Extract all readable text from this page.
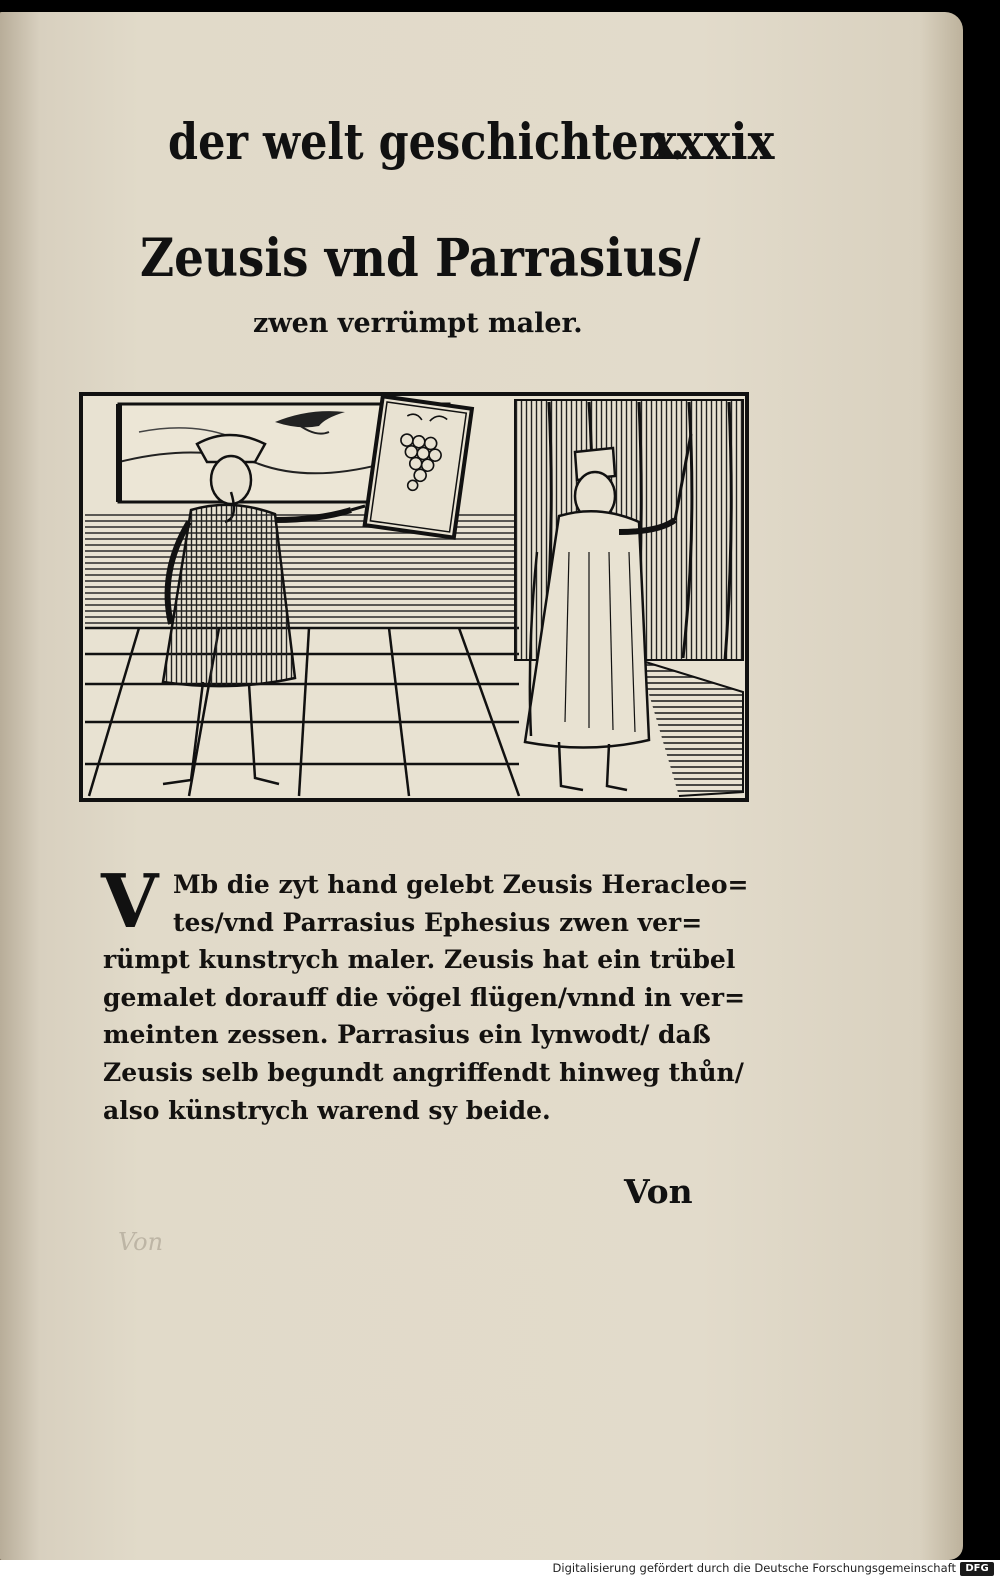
der welt geschichten.
xxxix
Zeusis vnd Parrasius/
zwen verrümpt maler.
V Mb die zyt hand gelebt Zeusis Heracleo=
tes/vnd Parrasius Ephesius zwen ver=
rümpt kunstrych maler. Zeusis hat ein trübel
gemalet dorauff die vögel flügen/vnnd in ver=
meinten zessen. Parrasius ein lynwodt/ daß
Zeusis selb begundt angriffendt hinweg thůn/
also künstrych warend sy beide.
Von
Von
Digitalisierung gefördert durch die Deutsche Forschungsgemeinschaft DFG
